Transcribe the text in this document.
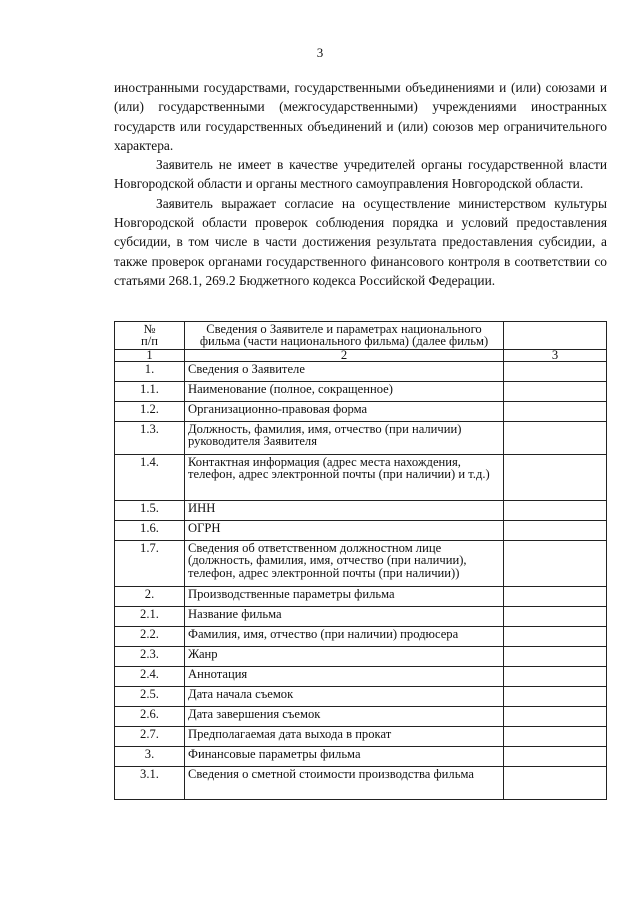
3

иностранными государствами, государственными объединениями и (или) союзами и (или) государственными (межгосударственными) учреждениями иностранных государств или государственных объединений и (или) союзов мер ограничительного характера.

Заявитель не имеет в качестве учредителей органы государственной власти Новгородской области и органы местного самоуправления Новгородской области.

Заявитель выражает согласие на осуществление министерством культуры Новгородской области проверок соблюдения порядка и условий предоставления субсидии, в том числе в части достижения результата предоставления субсидии, а также проверок органами государственного финансового контроля в соответствии со статьями 268.1, 269.2 Бюджетного кодекса Российской Федерации.

№
п/п	Сведения о Заявителе и параметрах национального фильма (части национального фильма) (далее фильм)	
1	2	3
1.	Сведения о Заявителе	
1.1.	Наименование (полное, сокращенное)	
1.2.	Организационно-правовая форма	
1.3.	Должность, фамилия, имя, отчество (при наличии) руководителя Заявителя	
1.4.	Контактная информация (адрес места нахождения, телефон, адрес электронной почты (при наличии) и т.д.)	
1.5.	ИНН	
1.6.	ОГРН	
1.7.	Сведения об ответственном должностном лице (должность, фамилия, имя, отчество (при наличии), телефон, адрес электронной почты (при наличии))	
2.	Производственные параметры фильма	
2.1.	Название фильма	
2.2.	Фамилия, имя, отчество (при наличии) продюсера	
2.3.	Жанр	
2.4.	Аннотация	
2.5.	Дата начала съемок	
2.6.	Дата завершения съемок	
2.7.	Предполагаемая дата выхода в прокат	
3.	Финансовые параметры фильма	
3.1.	Сведения о сметной стоимости производства фильма	
